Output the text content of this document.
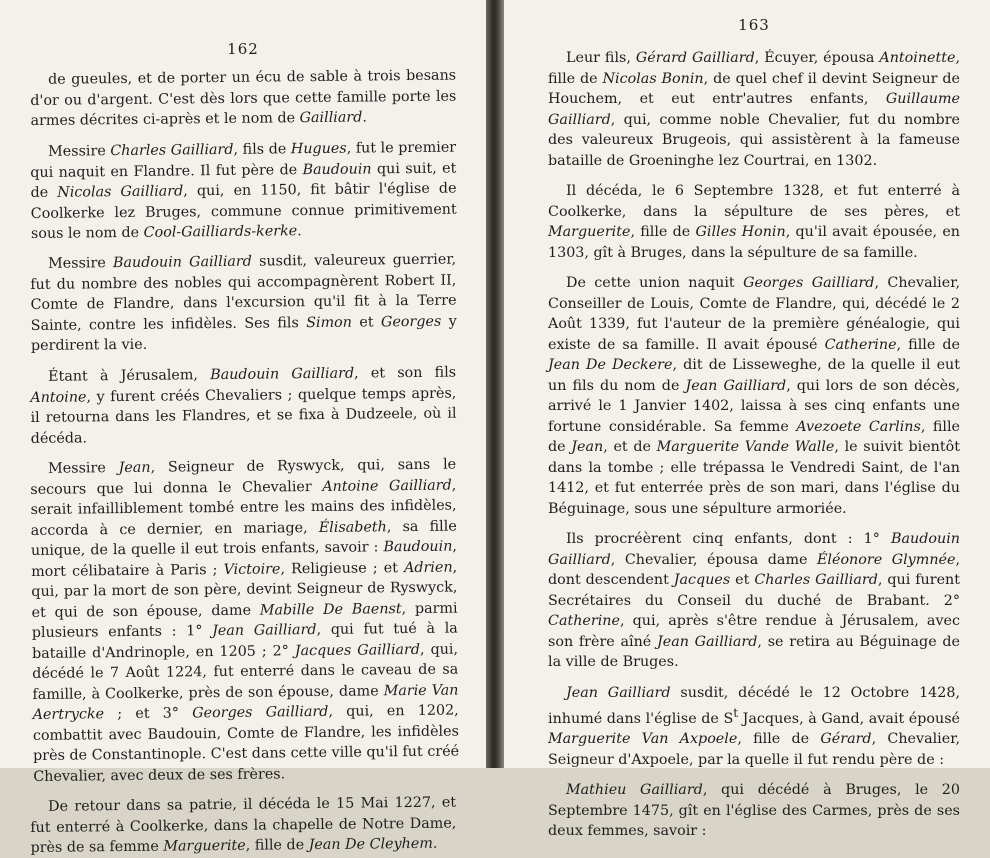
162

de gueules, et de porter un écu de sable à trois besans d'or ou d'argent. C'est dès lors que cette famille porte les armes décrites ci-après et le nom de Gailliard.

Messire Charles Gailliard, fils de Hugues, fut le premier qui naquit en Flandre. Il fut père de Baudouin qui suit, et de Nicolas Gailliard, qui, en 1150, fit bâtir l'église de Coolkerke lez Bruges, commune connue primitivement sous le nom de Cool-Gailliards-kerke.

Messire Baudouin Gailliard susdit, valeureux guerrier, fut du nombre des nobles qui accompagnèrent Robert II, Comte de Flandre, dans l'excursion qu'il fit à la Terre Sainte, contre les infidèles. Ses fils Simon et Georges y perdirent la vie.

Étant à Jérusalem, Baudouin Gailliard, et son fils Antoine, y furent créés Chevaliers ; quelque temps après, il retourna dans les Flandres, et se fixa à Dudzeele, où il décéda.

Messire Jean, Seigneur de Ryswyck, qui, sans le secours que lui donna le Chevalier Antoine Gailliard, serait infailliblement tombé entre les mains des infidèles, accorda à ce dernier, en mariage, Élisabeth, sa fille unique, de la quelle il eut trois enfants, savoir : Baudouin, mort célibataire à Paris ; Victoire, Religieuse ; et Adrien, qui, par la mort de son père, devint Seigneur de Ryswyck, et qui de son épouse, dame Mabille De Baenst, parmi plusieurs enfants : 1° Jean Gailliard, qui fut tué à la bataille d'Andrinople, en 1205 ; 2° Jacques Gailliard, qui, décédé le 7 Août 1224, fut enterré dans le caveau de sa famille, à Coolkerke, près de son épouse, dame Marie Van Aertrycke ; et 3° Georges Gailliard, qui, en 1202, combattit avec Baudouin, Comte de Flandre, les infidèles près de Constantinople. C'est dans cette ville qu'il fut créé Chevalier, avec deux de ses frères.

De retour dans sa patrie, il décéda le 15 Mai 1227, et fut enterré à Coolkerke, dans la chapelle de Notre Dame, près de sa femme Marguerite, fille de Jean De Cleyhem.

163

Leur fils, Gérard Gailliard, Écuyer, épousa Antoinette, fille de Nicolas Bonin, de quel chef il devint Seigneur de Houchem, et eut entr'autres enfants, Guillaume Gailliard, qui, comme noble Chevalier, fut du nombre des valeureux Brugeois, qui assistèrent à la fameuse bataille de Groeninghe lez Courtrai, en 1302.

Il décéda, le 6 Septembre 1328, et fut enterré à Coolkerke, dans la sépulture de ses pères, et Marguerite, fille de Gilles Honin, qu'il avait épousée, en 1303, gît à Bruges, dans la sépulture de sa famille.

De cette union naquit Georges Gailliard, Chevalier, Conseiller de Louis, Comte de Flandre, qui, décédé le 2 Août 1339, fut l'auteur de la première généalogie, qui existe de sa famille. Il avait épousé Catherine, fille de Jean De Deckere, dit de Lisseweghe, de la quelle il eut un fils du nom de Jean Gailliard, qui lors de son décès, arrivé le 1 Janvier 1402, laissa à ses cinq enfants une fortune considérable. Sa femme Avezoete Carlins, fille de Jean, et de Marguerite Vande Walle, le suivit bientôt dans la tombe ; elle trépassa le Vendredi Saint, de l'an 1412, et fut enterrée près de son mari, dans l'église du Béguinage, sous une sépulture armoriée.

Ils procréèrent cinq enfants, dont : 1° Baudouin Gailliard, Chevalier, épousa dame Éléonore Glymnée, dont descendent Jacques et Charles Gailliard, qui furent Secrétaires du Conseil du duché de Brabant. 2° Catherine, qui, après s'être rendue à Jérusalem, avec son frère aîné Jean Gailliard, se retira au Béguinage de la ville de Bruges.

Jean Gailliard susdit, décédé le 12 Octobre 1428, inhumé dans l'église de $S^t$ Jacques, à Gand, avait épousé Marguerite Van Axpoele, fille de Gérard, Chevalier, Seigneur d'Axpoele, par la quelle il fut rendu père de :

Mathieu Gailliard, qui décédé à Bruges, le 20 Septembre 1475, gît en l'église des Carmes, près de ses deux femmes, savoir :
